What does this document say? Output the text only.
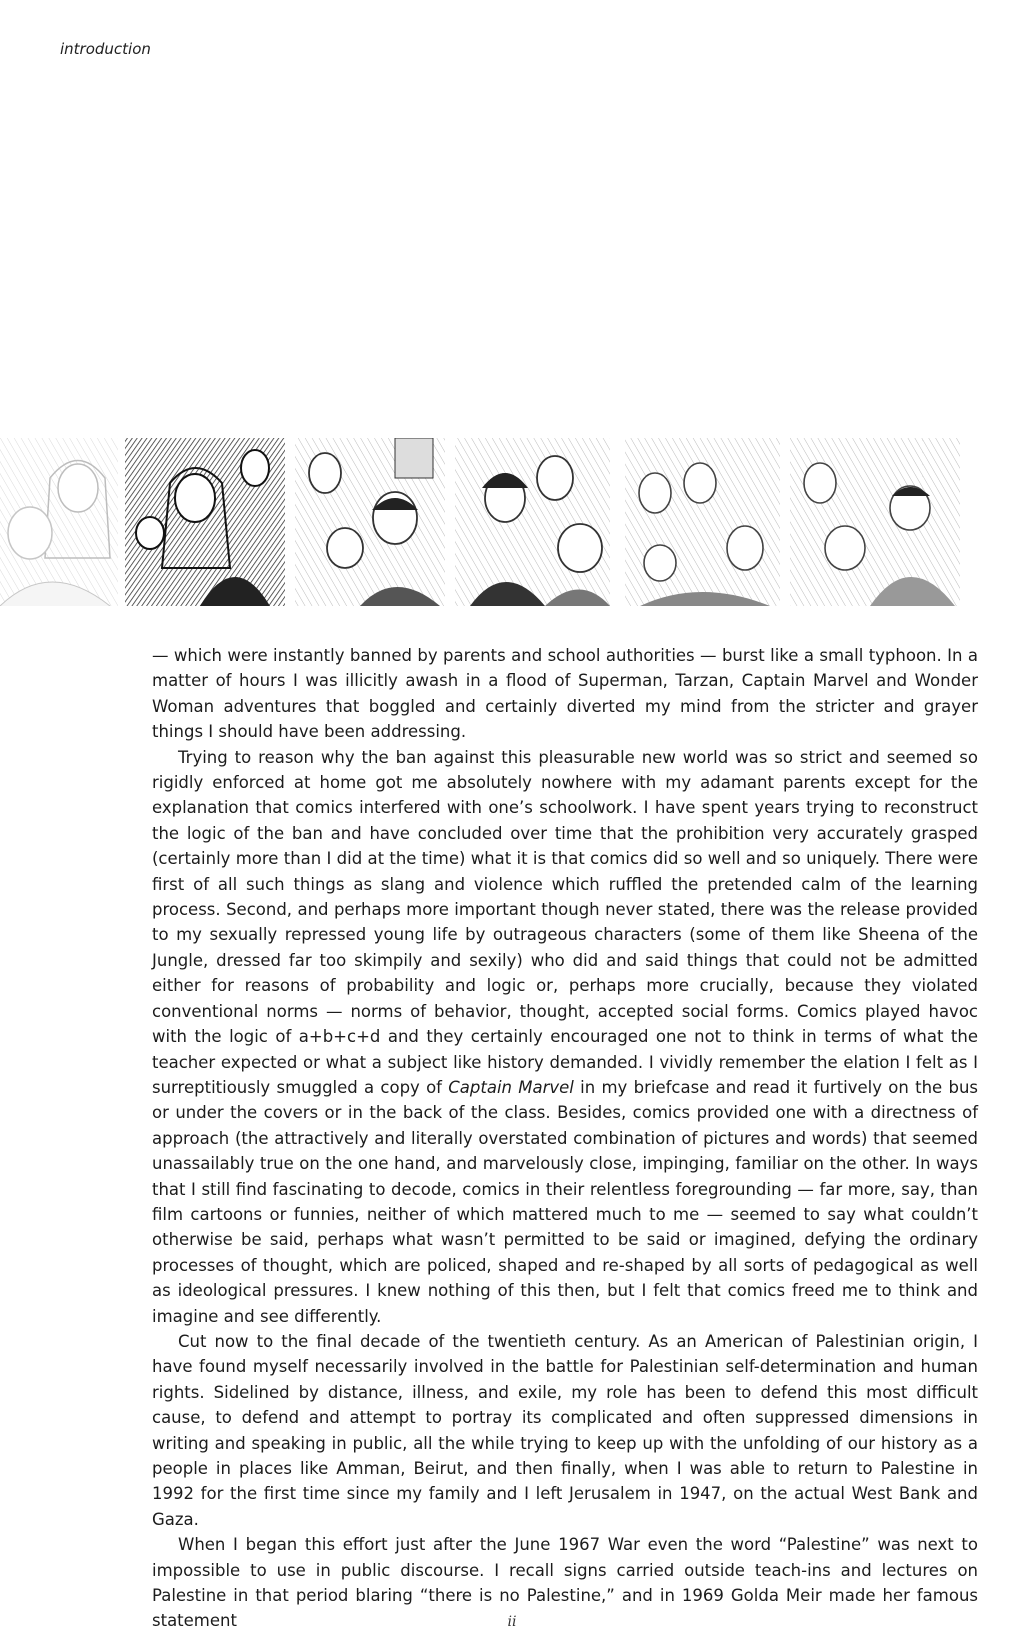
introduction

— which were instantly banned by parents and school authorities — burst like a small typhoon. In a matter of hours I was illicitly awash in a flood of Superman, Tarzan, Captain Marvel and Wonder Woman adventures that boggled and certainly diverted my mind from the stricter and grayer things I should have been addressing.

Trying to reason why the ban against this pleasurable new world was so strict and seemed so rigidly enforced at home got me absolutely nowhere with my adamant parents except for the explanation that comics interfered with one’s schoolwork. I have spent years trying to reconstruct the logic of the ban and have concluded over time that the prohibition very accurately grasped (certainly more than I did at the time) what it is that comics did so well and so uniquely. There were first of all such things as slang and violence which ruffled the pretended calm of the learning process. Second, and perhaps more important though never stated, there was the release provided to my sexually repressed young life by outrageous characters (some of them like Sheena of the Jungle, dressed far too skimpily and sexily) who did and said things that could not be admitted either for reasons of probability and logic or, perhaps more crucially, because they violated conventional norms — norms of behavior, thought, accepted social forms. Comics played havoc with the logic of a+b+c+d and they certainly encouraged one not to think in terms of what the teacher expected or what a subject like history demanded. I vividly remember the elation I felt as I surreptitiously smuggled a copy of Captain Marvel in my briefcase and read it furtively on the bus or under the covers or in the back of the class. Besides, comics provided one with a directness of approach (the attractively and literally overstated combination of pictures and words) that seemed unassailably true on the one hand, and marvelously close, impinging, familiar on the other. In ways that I still find fascinating to decode, comics in their relentless foregrounding — far more, say, than film cartoons or funnies, neither of which mattered much to me — seemed to say what couldn’t otherwise be said, perhaps what wasn’t permitted to be said or imagined, defying the ordinary processes of thought, which are policed, shaped and re-shaped by all sorts of pedagogical as well as ideological pressures. I knew nothing of this then, but I felt that comics freed me to think and imagine and see differently.

Cut now to the final decade of the twentieth century. As an American of Palestinian origin, I have found myself necessarily involved in the battle for Palestinian self-determination and human rights. Sidelined by distance, illness, and exile, my role has been to defend this most difficult cause, to defend and attempt to portray its complicated and often suppressed dimensions in writing and speaking in public, all the while trying to keep up with the unfolding of our history as a people in places like Amman, Beirut, and then finally, when I was able to return to Palestine in 1992 for the first time since my family and I left Jerusalem in 1947, on the actual West Bank and Gaza.

When I began this effort just after the June 1967 War even the word “Palestine” was next to impossible to use in public discourse. I recall signs carried outside teach-ins and lectures on Palestine in that period blaring “there is no Palestine,” and in 1969 Golda Meir made her famous statement	ii
